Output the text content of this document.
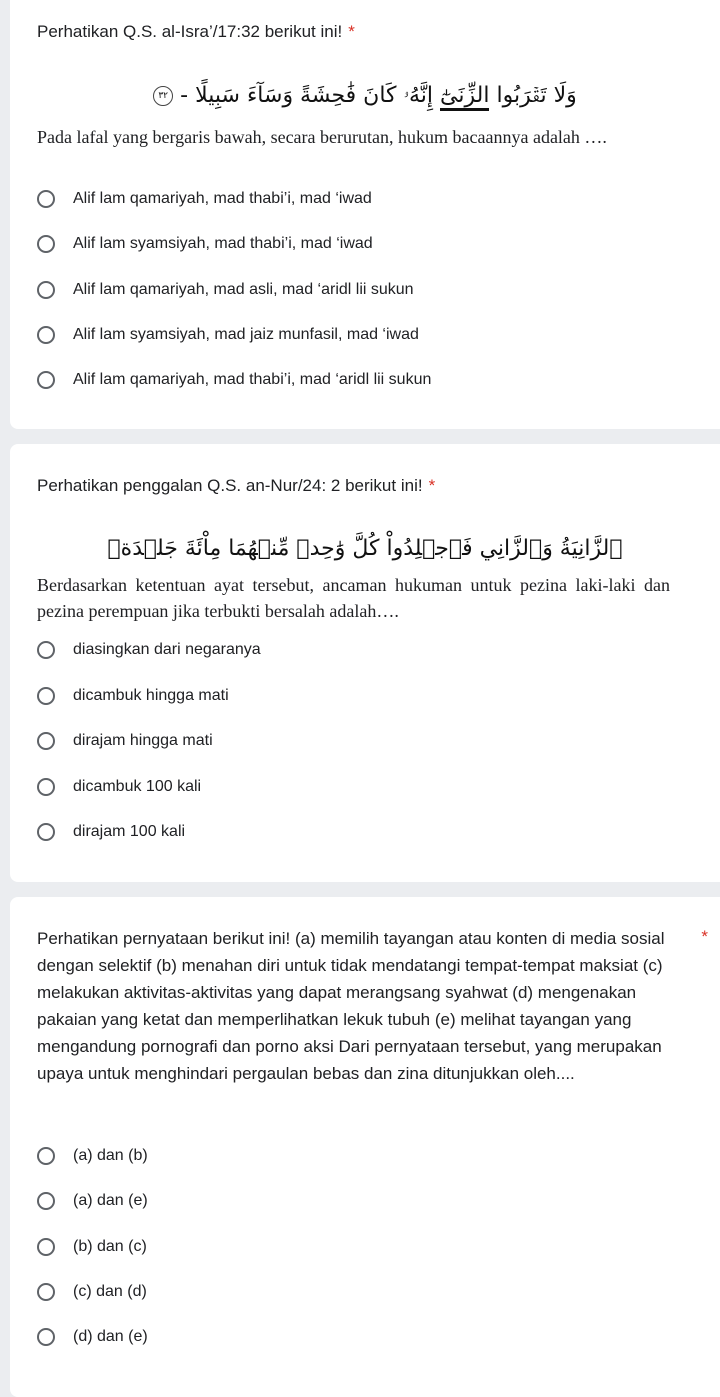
Perhatikan Q.S. al-Isra’/17:32 berikut ini! *
وَلَا تَقۡرَبُوا الزِّنَىٰٓ إِنَّهُۥ كَانَ فَٰحِشَةً وَسَآءَ سَبِيلًا - ٣٢
Pada lafal yang bergaris bawah, secara berurutan, hukum bacaannya adalah ….
Alif lam qamariyah, mad thabi’i, mad ‘iwad
Alif lam syamsiyah, mad thabi’i, mad ‘iwad
Alif lam qamariyah, mad asli, mad ‘aridl lii sukun
Alif lam syamsiyah, mad jaiz munfasil, mad ‘iwad
Alif lam qamariyah, mad thabi’i, mad ‘aridl lii sukun
Perhatikan penggalan Q.S. an-Nur/24: 2 berikut ini! *
ٱلزَّانِيَةُ وَٱلزَّانِي فَٱجۡلِدُواْ كُلَّ وَٰحِدٖ مِّنۡهُمَا مِاْئَةَ جَلۡدَةٖ
Berdasarkan ketentuan ayat tersebut, ancaman hukuman untuk pezina laki-laki dan pezina perempuan jika terbukti bersalah adalah….
diasingkan dari negaranya
dicambuk hingga mati
dirajam hingga mati
dicambuk 100 kali
dirajam 100 kali
Perhatikan pernyataan berikut ini! (a) memilih tayangan atau konten di media sosial dengan selektif (b) menahan diri untuk tidak mendatangi tempat-tempat maksiat (c) melakukan aktivitas-aktivitas yang dapat merangsang syahwat (d) mengenakan pakaian yang ketat dan memperlihatkan lekuk tubuh (e) melihat tayangan yang mengandung pornografi dan porno aksi Dari pernyataan tersebut, yang merupakan upaya untuk menghindari pergaulan bebas dan zina ditunjukkan oleh....
*
(a) dan (b)
(a) dan (e)
(b) dan (c)
(c) dan (d)
(d) dan (e)
